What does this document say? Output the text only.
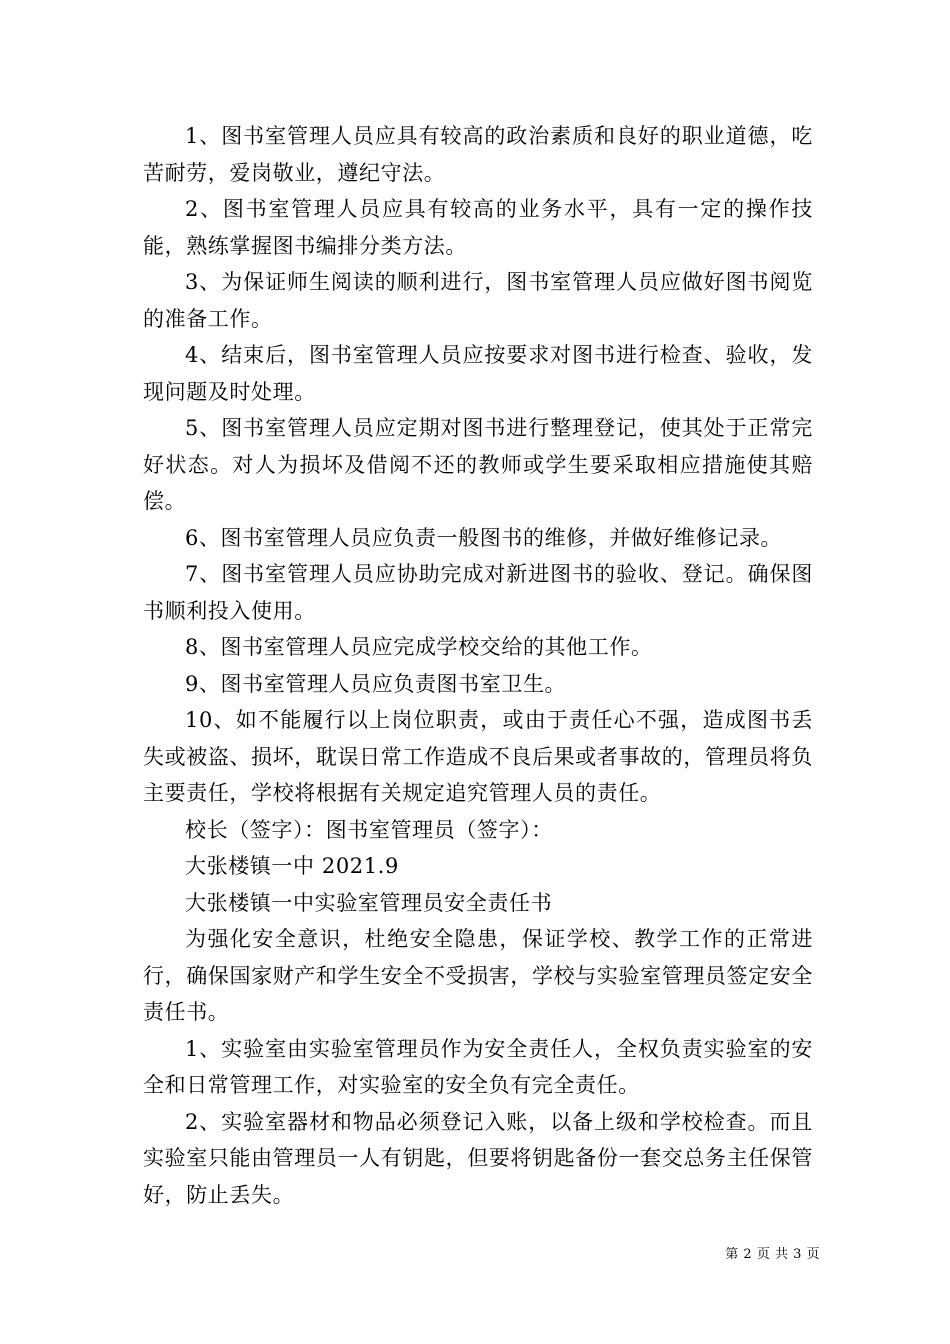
1、图书室管理人员应具有较高的政治素质和良好的职业道德，吃苦耐劳，爱岗敬业，遵纪守法。

2、图书室管理人员应具有较高的业务水平，具有一定的操作技能，熟练掌握图书编排分类方法。

3、为保证师生阅读的顺利进行，图书室管理人员应做好图书阅览的准备工作。

4、结束后，图书室管理人员应按要求对图书进行检查、验收，发现问题及时处理。

5、图书室管理人员应定期对图书进行整理登记，使其处于正常完好状态。对人为损坏及借阅不还的教师或学生要采取相应措施使其赔偿。

6、图书室管理人员应负责一般图书的维修，并做好维修记录。

7、图书室管理人员应协助完成对新进图书的验收、登记。确保图书顺利投入使用。

8、图书室管理人员应完成学校交给的其他工作。

9、图书室管理人员应负责图书室卫生。

10、如不能履行以上岗位职责，或由于责任心不强，造成图书丢失或被盗、损坏，耽误日常工作造成不良后果或者事故的，管理员将负主要责任，学校将根据有关规定追究管理人员的责任。

校长（签字）：图书室管理员（签字）：

大张楼镇一中 2021.9

大张楼镇一中实验室管理员安全责任书

为强化安全意识，杜绝安全隐患，保证学校、教学工作的正常进行，确保国家财产和学生安全不受损害，学校与实验室管理员签定安全责任书。

1、实验室由实验室管理员作为安全责任人，全权负责实验室的安全和日常管理工作，对实验室的安全负有完全责任。

2、实验室器材和物品必须登记入账，以备上级和学校检查。而且实验室只能由管理员一人有钥匙，但要将钥匙备份一套交总务主任保管好，防止丢失。

第 2 页 共 3 页
